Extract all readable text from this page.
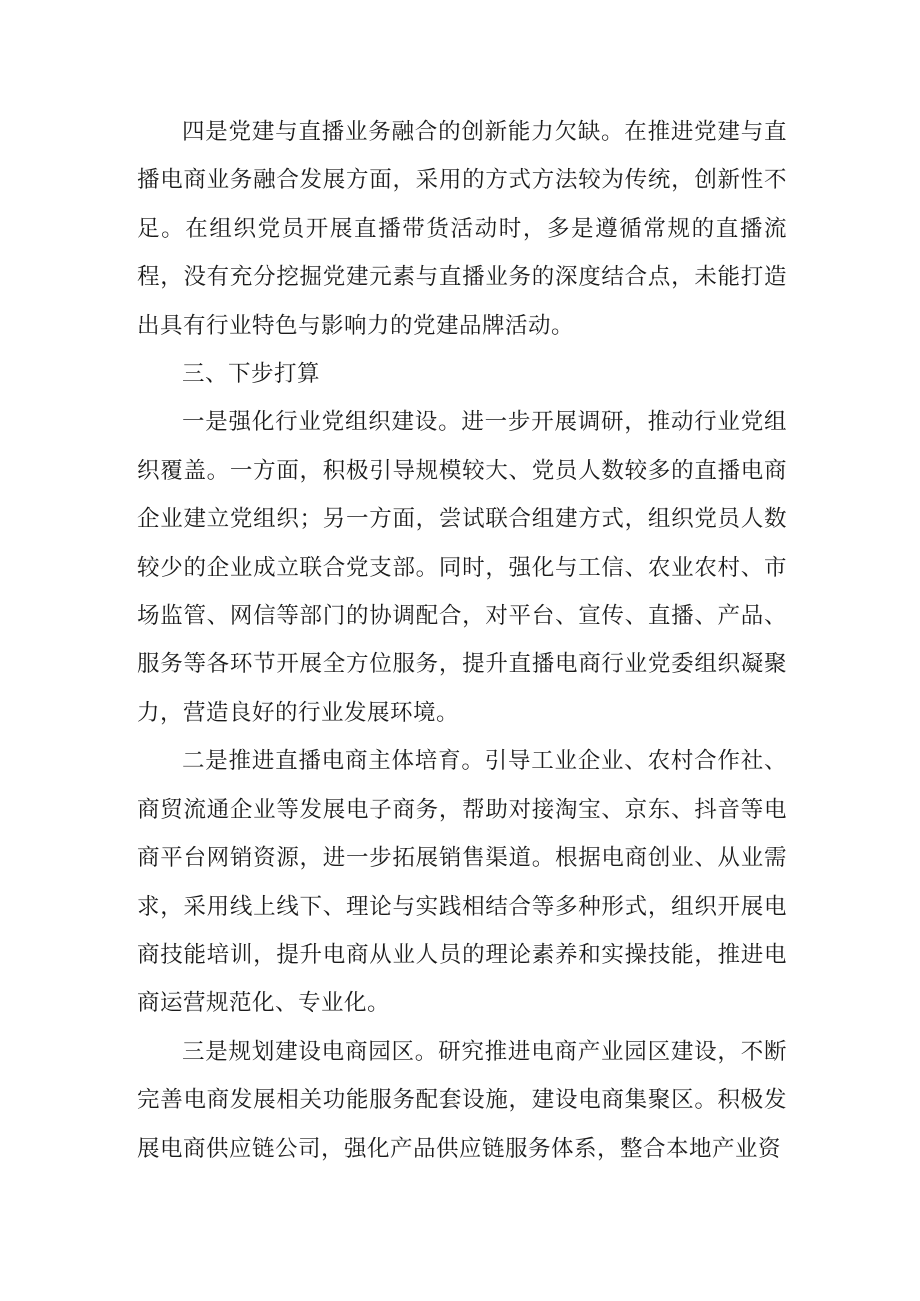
四是党建与直播业务融合的创新能力欠缺。在推进党建与直播电商业务融合发展方面，采用的方式方法较为传统，创新性不足。在组织党员开展直播带货活动时，多是遵循常规的直播流程，没有充分挖掘党建元素与直播业务的深度结合点，未能打造出具有行业特色与影响力的党建品牌活动。

三、下步打算

一是强化行业党组织建设。进一步开展调研，推动行业党组织覆盖。一方面，积极引导规模较大、党员人数较多的直播电商企业建立党组织；另一方面，尝试联合组建方式，组织党员人数较少的企业成立联合党支部。同时，强化与工信、农业农村、市场监管、网信等部门的协调配合，对平台、宣传、直播、产品、服务等各环节开展全方位服务，提升直播电商行业党委组织凝聚力，营造良好的行业发展环境。

二是推进直播电商主体培育。引导工业企业、农村合作社、商贸流通企业等发展电子商务，帮助对接淘宝、京东、抖音等电商平台网销资源，进一步拓展销售渠道。根据电商创业、从业需求，采用线上线下、理论与实践相结合等多种形式，组织开展电商技能培训，提升电商从业人员的理论素养和实操技能，推进电商运营规范化、专业化。

三是规划建设电商园区。研究推进电商产业园区建设，不断完善电商发展相关功能服务配套设施，建设电商集聚区。积极发展电商供应链公司，强化产品供应链服务体系，整合本地产业资
